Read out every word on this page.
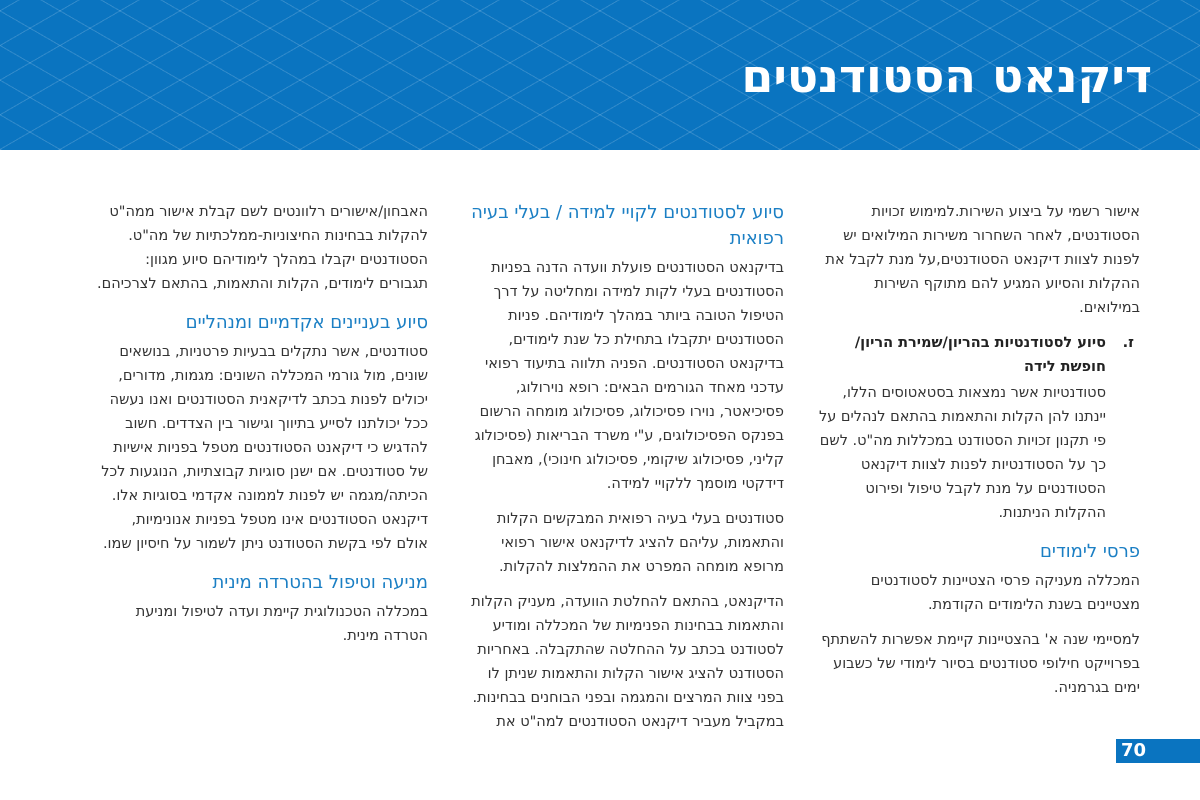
דיקנאט הסטודנטים

אישור רשמי על ביצוע השירות.למימוש זכויות הסטודנטים, לאחר השחרור משירות המילואים יש לפנות לצוות דיקנאט הסטודנטים,על מנת לקבל את ההקלות והסיוע המגיע להם מתוקף השירות במילואים.

ז.
סיוע לסטודנטיות בהריון/שמירת הריון/ חופשת לידה

סטודנטיות אשר נמצאות בסטאטוסים הללו, יינתנו להן הקלות והתאמות בהתאם לנהלים על פי תקנון זכויות הסטודנט במכללות מה"ט. לשם כך על הסטודנטיות לפנות לצוות דיקנאט הסטודנטים על מנת לקבל טיפול ופירוט ההקלות הניתנות.

פרסי לימודים

המכללה מעניקה פרסי הצטיינות לסטודנטים מצטיינים בשנת הלימודים הקודמת.

למסיימי שנה א' בהצטיינות קיימת אפשרות להשתתף בפרוייקט חילופי סטודנטים בסיור לימודי של כשבוע ימים בגרמניה.

סיוע לסטודנטים לקויי למידה / בעלי בעיה רפואית

בדיקנאט הסטודנטים פועלת וועדה הדנה בפניות הסטודנטים בעלי לקות למידה ומחליטה על דרך הטיפול הטובה ביותר במהלך לימודיהם. פניות הסטודנטים יתקבלו בתחילת כל שנת לימודים, בדיקנאט הסטודנטים. הפניה תלווה בתיעוד רפואי עדכני מאחד הגורמים הבאים: רופא נוירולוג, פסיכיאטר, נוירו פסיכולוג, פסיכולוג מומחה הרשום בפנקס הפסיכולוגים, ע"י משרד הבריאות (פסיכולוג קליני, פסיכולוג שיקומי, פסיכולוג חינוכי), מאבחן דידקטי מוסמך ללקויי למידה.

סטודנטים בעלי בעיה רפואית המבקשים הקלות והתאמות, עליהם להציג לדיקנאט אישור רפואי מרופא מומחה המפרט את ההמלצות להקלות.

הדיקנאט, בהתאם להחלטת הוועדה, מעניק הקלות והתאמות בבחינות הפנימיות של המכללה ומודיע לסטודנט בכתב על ההחלטה שהתקבלה. באחריות הסטודנט להציג אישור הקלות והתאמות שניתן לו בפני צוות המרצים והמגמה ובפני הבוחנים בבחינות. במקביל מעביר דיקנאט הסטודנטים למה"ט את

האבחון/אישורים רלוונטים לשם קבלת אישור ממה"ט להקלות בבחינות החיצוניות-ממלכתיות של מה"ט. הסטודנטים יקבלו במהלך לימודיהם סיוע מגוון: תגבורים לימודים, הקלות והתאמות, בהתאם לצרכיהם.

סיוע בעניינים אקדמיים ומנהליים

סטודנטים, אשר נתקלים בבעיות פרטניות, בנושאים שונים, מול גורמי המכללה השונים: מגמות, מדורים, יכולים לפנות בכתב לדיקאנית הסטודנטים ואנו נעשה ככל יכולתנו לסייע בתיווך וגישור בין הצדדים. חשוב להדגיש כי דיקאנט הסטודנטים מטפל בפניות אישיות של סטודנטים. אם ישנן סוגיות קבוצתיות, הנוגעות לכל הכיתה/מגמה יש לפנות לממונה אקדמי בסוגיות אלו. דיקנאט הסטודנטים אינו מטפל בפניות אנונימיות, אולם לפי בקשת הסטודנט ניתן לשמור על חיסיון שמו.

מניעה וטיפול בהטרדה מינית

במכללה הטכנולוגית קיימת ועדה לטיפול ומניעת הטרדה מינית.

70
